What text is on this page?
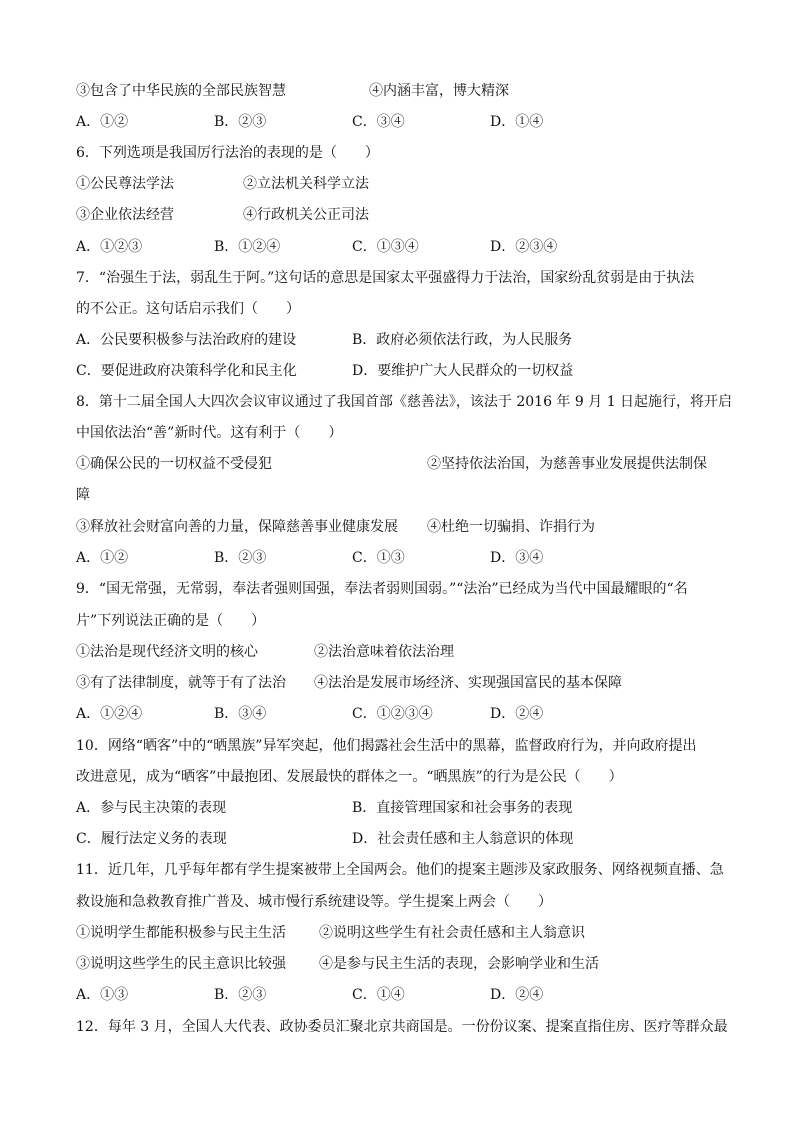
③包含了中华民族的全部民族智慧	④内涵丰富，博大精深
A．①②	B．②③	C．③④	D．①④
6．下列选项是我国厉行法治的表现的是（　　）
①公民尊法学法	②立法机关科学立法
③企业依法经营	④行政机关公正司法
A．①②③	B．①②④	C．①③④	D．②③④
7．“治强生于法，弱乱生于阿。”这句话的意思是国家太平强盛得力于法治，国家纷乱贫弱是由于执法
的不公正。这句话启示我们（　　）
A．公民要积极参与法治政府的建设	B．政府必须依法行政，为人民服务
C．要促进政府决策科学化和民主化	D．要维护广大人民群众的一切权益
8．第十二届全国人大四次会议审议通过了我国首部《慈善法》，该法于 2016 年 9 月 1 日起施行，将开启
中国依法治“善”新时代。这有利于（　　）
①确保公民的一切权益不受侵犯	②坚持依法治国，为慈善事业发展提供法制保
障
③释放社会财富向善的力量，保障慈善事业健康发展 ④杜绝一切骗捐、诈捐行为
A．①②	B．②③	C．①③	D．③④
9．“国无常强，无常弱，奉法者强则国强，奉法者弱则国弱。”“法治”已经成为当代中国最耀眼的“名
片”下列说法正确的是（　　）
①法治是现代经济文明的核心	②法治意味着依法治理
③有了法律制度，就等于有了法治 ④法治是发展市场经济、实现强国富民的基本保障
A．①②④	B．③④	C．①②③④	D．②④
10．网络“晒客”中的“晒黑族”异军突起，他们揭露社会生活中的黑幕，监督政府行为，并向政府提出
改进意见，成为“晒客”中最抱团、发展最快的群体之一。“晒黑族”的行为是公民（　　）
A．参与民主决策的表现	B．直接管理国家和社会事务的表现
C．履行法定义务的表现	D．社会责任感和主人翁意识的体现
11．近几年，几乎每年都有学生提案被带上全国两会。他们的提案主题涉及家政服务、网络视频直播、急
救设施和急救教育推广普及、城市慢行系统建设等。学生提案上两会（　　）
①说明学生都能积极参与民主生活 ②说明这些学生有社会责任感和主人翁意识
③说明这些学生的民主意识比较强 ④是参与民主生活的表现，会影响学业和生活
A．①③	B．②③	C．①④	D．②④
12．每年 3 月，全国人大代表、政协委员汇聚北京共商国是。一份份议案、提案直指住房、医疗等群众最
